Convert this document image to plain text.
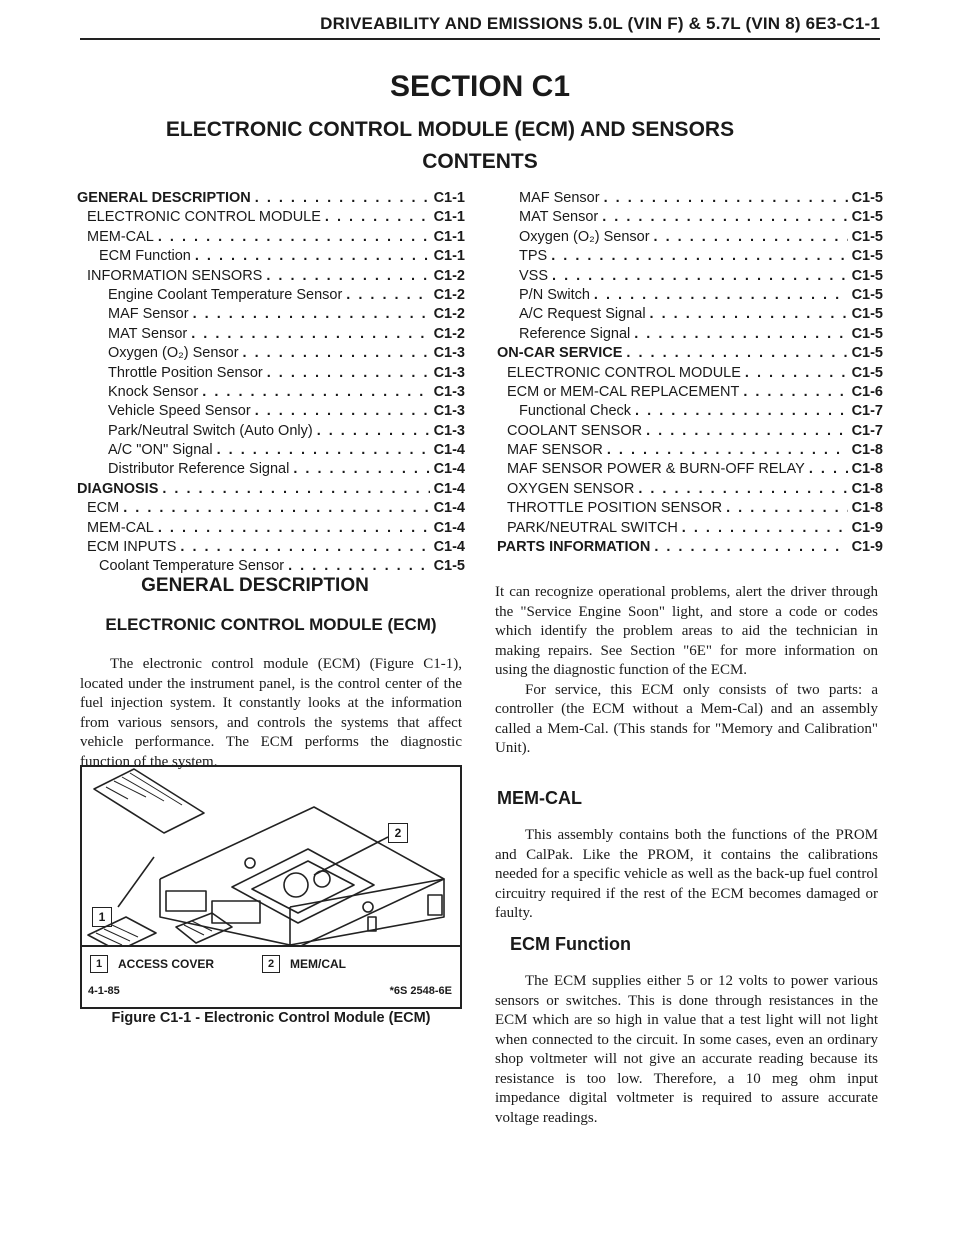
DRIVEABILITY AND EMISSIONS 5.0L (VIN F) & 5.7L (VIN 8) 6E3-C1-1
SECTION C1
ELECTRONIC CONTROL MODULE (ECM) AND SENSORS
CONTENTS
GENERAL DESCRIPTION . . .	C1-1
ELECTRONIC CONTROL MODULE . . .	C1-1
MEM-CAL . . .	C1-1
ECM Function . . .	C1-1
INFORMATION SENSORS . . .	C1-2
Engine Coolant Temperature Sensor . . .	C1-2
MAF Sensor . . .	C1-2
MAT Sensor . . .	C1-2
Oxygen (O₂) Sensor . . .	C1-3
Throttle Position Sensor . . .	C1-3
Knock Sensor . . .	C1-3
Vehicle Speed Sensor . . .	C1-3
Park/Neutral Switch (Auto Only) . . .	C1-3
A/C "ON" Signal . . .	C1-4
Distributor Reference Signal . . .	C1-4
DIAGNOSIS . . .	C1-4
ECM . . .	C1-4
MEM-CAL . . .	C1-4
ECM INPUTS . . .	C1-4
Coolant Temperature Sensor . . .	C1-5
MAF Sensor . . .	C1-5
MAT Sensor . . .	C1-5
Oxygen (O₂) Sensor . . .	C1-5
TPS . . .	C1-5
VSS . . .	C1-5
P/N Switch . . .	C1-5
A/C Request Signal . . .	C1-5
Reference Signal . . .	C1-5
ON-CAR SERVICE . . .	C1-5
ELECTRONIC CONTROL MODULE . . .	C1-5
ECM or MEM-CAL REPLACEMENT . . .	C1-6
Functional Check . . .	C1-7
COOLANT SENSOR . . .	C1-7
MAF SENSOR . . .	C1-8
MAF SENSOR POWER & BURN-OFF RELAY . . .	C1-8
OXYGEN SENSOR . . .	C1-8
THROTTLE POSITION SENSOR . . .	C1-8
PARK/NEUTRAL SWITCH . . .	C1-9
PARTS INFORMATION . . .	C1-9
GENERAL DESCRIPTION
ELECTRONIC CONTROL MODULE (ECM)

The electronic control module (ECM) (Figure C1-1), located under the instrument panel, is the control center of the fuel injection system. It constantly looks at the information from various sensors, and controls the systems that affect vehicle performance. The ECM performs the diagnostic function of the system.

1
2
1	ACCESS COVER	2	MEM/CAL
4-1-85	*6S 2548-6E
Figure C1-1 - Electronic Control Module (ECM)

It can recognize operational problems, alert the driver through the "Service Engine Soon" light, and store a code or codes which identify the problem areas to aid the technician in making repairs. See Section "6E" for more information on using the diagnostic function of the ECM.

For service, this ECM only consists of two parts: a controller (the ECM without a Mem-Cal) and an assembly called a Mem-Cal. (This stands for "Memory and Calibration" Unit).

MEM-CAL

This assembly contains both the functions of the PROM and CalPak. Like the PROM, it contains the calibrations needed for a specific vehicle as well as the back-up fuel control circuitry required if the rest of the ECM becomes damaged or faulty.

ECM Function

The ECM supplies either 5 or 12 volts to power various sensors or switches. This is done through resistances in the ECM which are so high in value that a test light will not light when connected to the circuit. In some cases, even an ordinary shop voltmeter will not give an accurate reading because its resistance is too low. Therefore, a 10 meg ohm input impedance digital voltmeter is required to assure accurate voltage readings.
